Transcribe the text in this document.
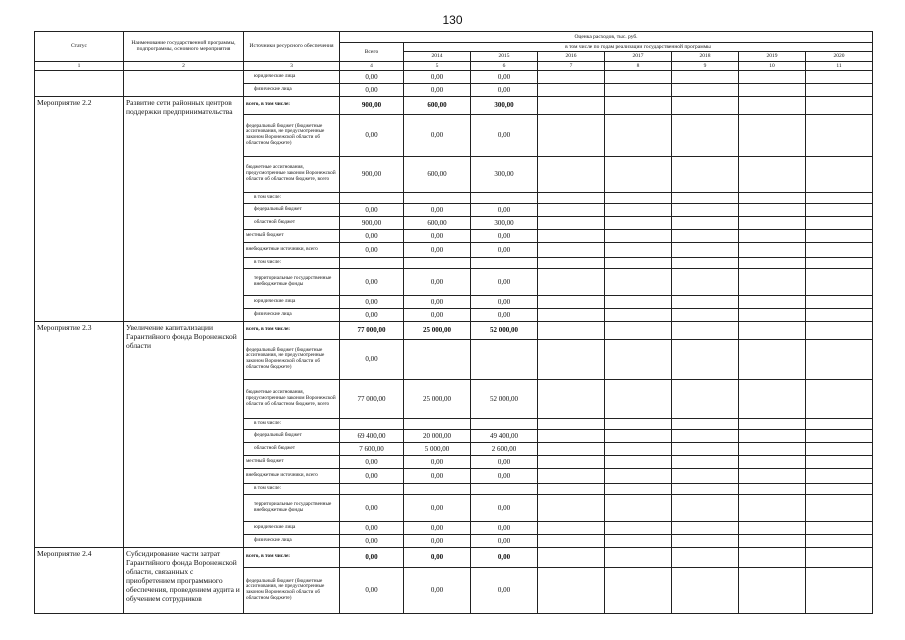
130
Статус	Наименование государственной программы, подпрограммы, основного мероприятия	Источники ресурсного обеспечения	Оценка расходов, тыс. руб.							
			Всего	в том числе по годам реализации государственной программы						
				2014	2015	2016	2017	2018	2019	2020
1	2	3	4	5	6	7	8	9	10	11
		юридические лица	0,00	0,00	0,00					
		физические лица	0,00	0,00	0,00					
Мероприятие 2.2	Развитие сети районных центров поддержки предпринимательства	всего, в том числе:	900,00	600,00	300,00					
		федеральный бюджет (бюджетные ассигнования, не предусмотренные законом Воронежской области об областном бюджете)	0,00	0,00	0,00					
		бюджетные ассигнования, предусмотренные законом Воронежской области об областном бюджете, всего	900,00	600,00	300,00					
		в том числе:								
		федеральный бюджет	0,00	0,00	0,00					
		областной бюджет	900,00	600,00	300,00					
		местный бюджет	0,00	0,00	0,00					
		внебюджетные источники, всего	0,00	0,00	0,00					
		в том числе:								
		территориальные государственные внебюджетные фонды	0,00	0,00	0,00					
		юридические лица	0,00	0,00	0,00					
		физические лица	0,00	0,00	0,00					
Мероприятие 2.3	Увеличение капитализации Гарантийного фонда Воронежской области	всего, в том числе:	77 000,00	25 000,00	52 000,00					
		федеральный бюджет (бюджетные ассигнования, не предусмотренные законом Воронежской области об областном бюджете)	0,00							
		бюджетные ассигнования, предусмотренные законом Воронежской области об областном бюджете, всего	77 000,00	25 000,00	52 000,00					
		в том числе:								
		федеральный бюджет	69 400,00	20 000,00	49 400,00					
		областной бюджет	7 600,00	5 000,00	2 600,00					
		местный бюджет	0,00	0,00	0,00					
		внебюджетные источники, всего	0,00	0,00	0,00					
		в том числе:								
		территориальные государственные внебюджетные фонды	0,00	0,00	0,00					
		юридические лица	0,00	0,00	0,00					
		физические лица	0,00	0,00	0,00					
Мероприятие 2.4	Субсидирование части затрат Гарантийного фонда Воронежской области, связанных с приобретением программного обеспечения, проведением аудита и обучением сотрудников	всего, в том числе:	0,00	0,00	0,00					
		федеральный бюджет (бюджетные ассигнования, не предусмотренные законом Воронежской области об областном бюджете)	0,00	0,00	0,00					
